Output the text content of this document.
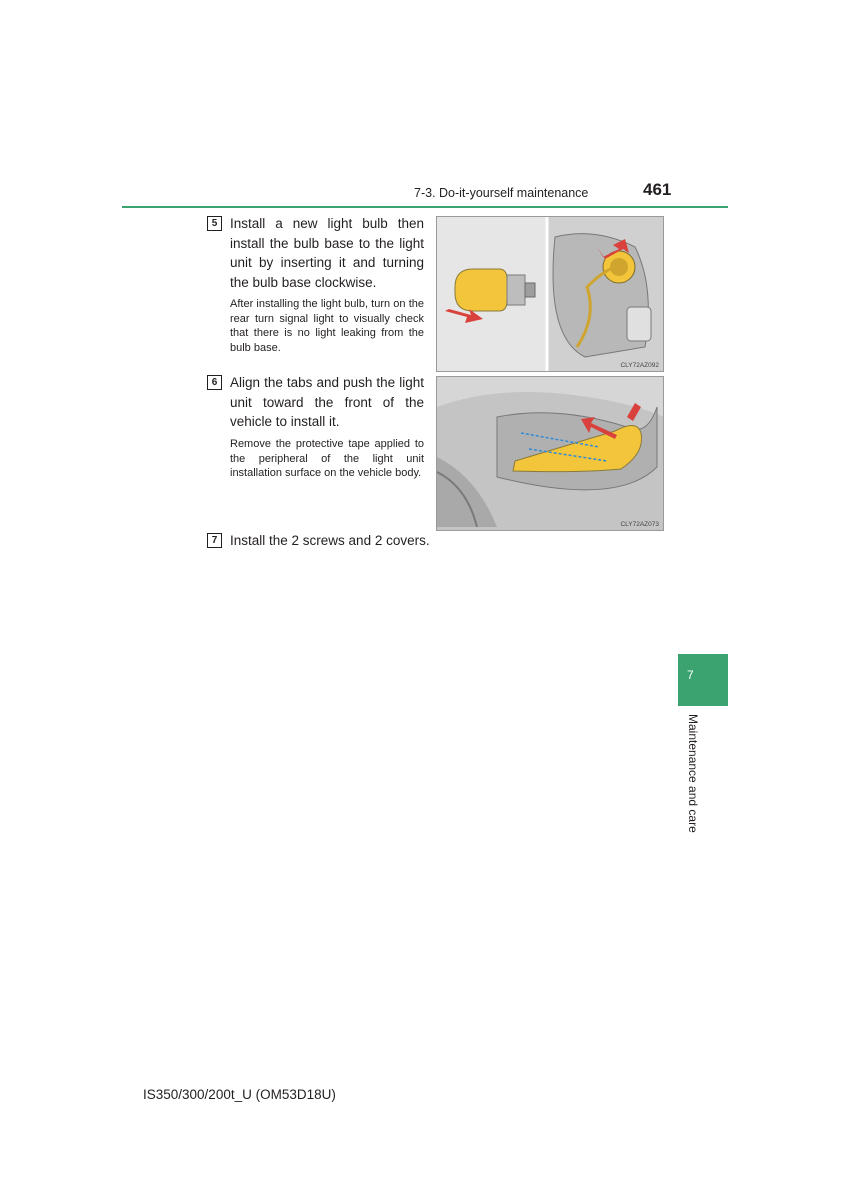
7-3. Do-it-yourself maintenance	461
5 Install a new light bulb then install the bulb base to the light unit by inserting it and turning the bulb base clockwise.
After installing the light bulb, turn on the rear turn signal light to visually check that there is no light leaking from the bulb base.
CLY72AZ092
6 Align the tabs and push the light unit toward the front of the vehicle to install it.
Remove the protective tape applied to the peripheral of the light unit installation surface on the vehicle body.
CLY72AZ073
7 Install the 2 screws and 2 covers.
7
Maintenance and care
IS350/300/200t_U (OM53D18U)
